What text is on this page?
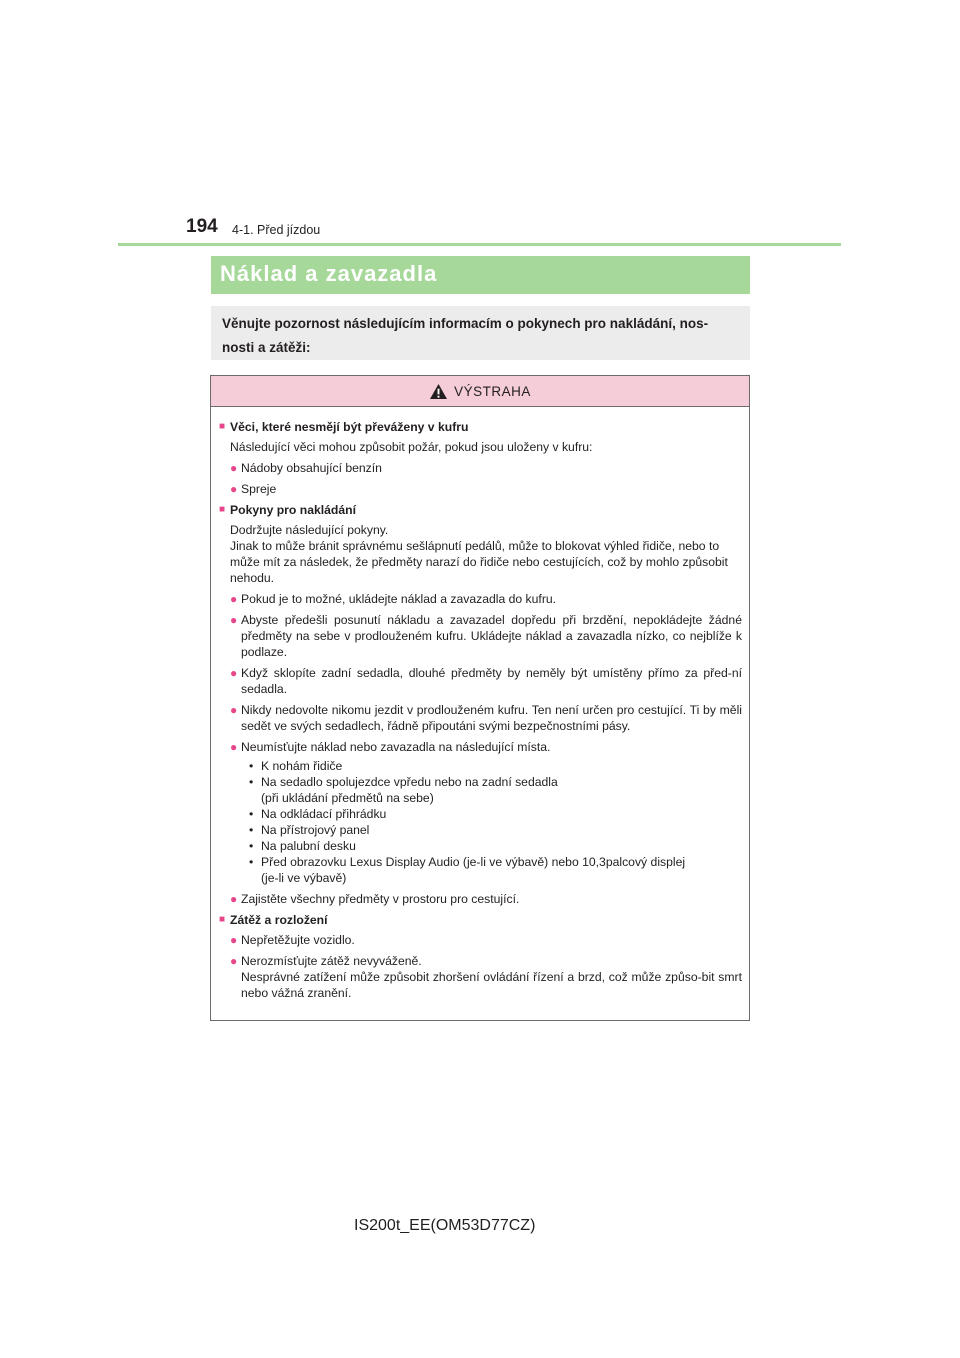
194 4-1. Před jízdou
Náklad a zavazadla

Věnujte pozornost následujícím informacím o pokynech pro nakládání, nos-
nosti a zátěži:

VÝSTRAHA
■ Věci, které nesmějí být převáženy v kufru
Následující věci mohou způsobit požár, pokud jsou uloženy v kufru:
● Nádoby obsahující benzín
● Spreje
■ Pokyny pro nakládání
Dodržujte následující pokyny.
Jinak to může bránit správnému sešlápnutí pedálů, může to blokovat výhled řidiče, nebo to může mít za následek, že předměty narazí do řidiče nebo cestujících, což by mohlo způsobit nehodu.
● Pokud je to možné, ukládejte náklad a zavazadla do kufru.
● Abyste předešli posunutí nákladu a zavazadel dopředu při brzdění, nepokládejte žádné předměty na sebe v prodlouženém kufru. Ukládejte náklad a zavazadla nízko, co nejblíže k podlaze.
● Když sklopíte zadní sedadla, dlouhé předměty by neměly být umístěny přímo za před-ní sedadla.
● Nikdy nedovolte nikomu jezdit v prodlouženém kufru. Ten není určen pro cestující. Ti by měli sedět ve svých sedadlech, řádně připoutáni svými bezpečnostními pásy.
● Neumísťujte náklad nebo zavazadla na následující místa.
• K nohám řidiče
• Na sedadlo spolujezdce vpředu nebo na zadní sedadla
(při ukládání předmětů na sebe)
• Na odkládací přihrádku
• Na přístrojový panel
• Na palubní desku
• Před obrazovku Lexus Display Audio (je-li ve výbavě) nebo 10,3palcový displej
(je-li ve výbavě)
● Zajistěte všechny předměty v prostoru pro cestující.
■ Zátěž a rozložení
● Nepřetěžujte vozidlo.
● Nerozmísťujte zátěž nevyváženě.
Nesprávné zatížení může způsobit zhoršení ovládání řízení a brzd, což může způso-bit smrt nebo vážná zranění.
IS200t_EE(OM53D77CZ)
